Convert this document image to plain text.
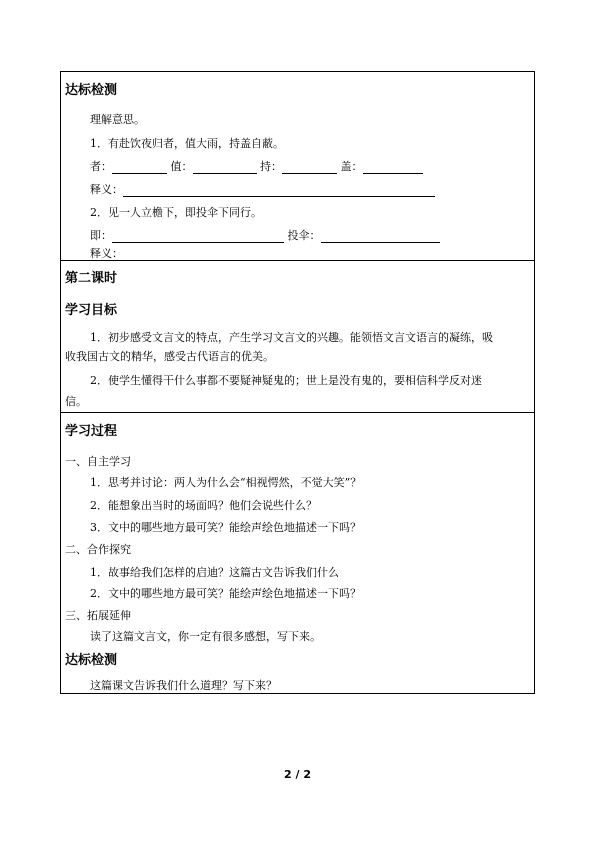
达标检测
理解意思。
1．有赴饮夜归者，值大雨，持盖自蔽。
者：	值：	持：	盖：
释义：
2．见一人立檐下，即投伞下同行。
即：	投伞：
释义：
第二课时
学习目标
1．初步感受文言文的特点，产生学习文言文的兴趣。能领悟文言文语言的凝练，吸
收我国古文的精华，感受古代语言的优美。
2．使学生懂得干什么事都不要疑神疑鬼的；世上是没有鬼的，要相信科学反对迷
信。
学习过程
一、自主学习
1．思考并讨论：两人为什么会“相视愕然，不觉大笑”？
2．能想象出当时的场面吗？他们会说些什么？
3．文中的哪些地方最可笑？能绘声绘色地描述一下吗？
二、合作探究
1．故事给我们怎样的启迪？这篇古文告诉我们什么
2．文中的哪些地方最可笑？能绘声绘色地描述一下吗？
三、拓展延伸
读了这篇文言文，你一定有很多感想，写下来。
达标检测
这篇课文告诉我们什么道理？写下来？
2 / 2
